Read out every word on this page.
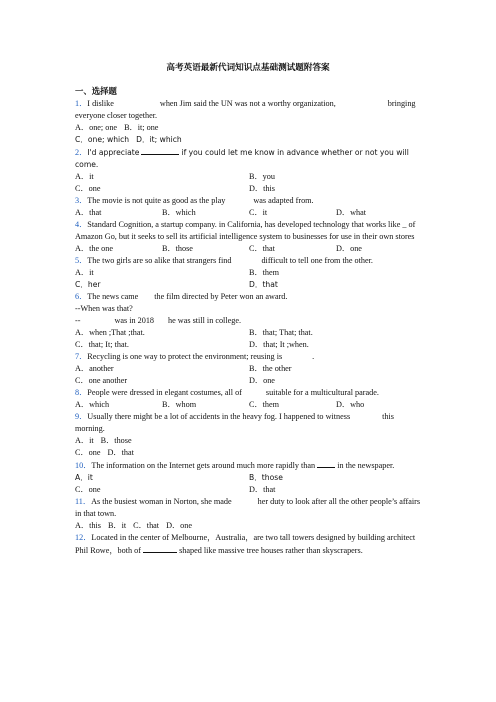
高考英语最新代词知识点基础测试题附答案
一、选择题
1．I dislike	when Jim said the UN was not a worthy organization,	bringing everyone closer together.
A．one; one B．it; one
C．one; which D．it; which
2．I'd appreciate	if you could let me know in advance whether or not you will come.
A．it	B．you
C．one	D．this
3．The movie is not quite as good as the play	was adapted from.
A．that	B．which	C．it	D．what
4．Standard Cognition, a startup company. in California, has developed technology that works like _ of Amazon Go, but it seeks to sell its artificial intelligence system to businesses for use in their own stores
A．the one	B．those	C．that	D．one
5．The two girls are so alike that strangers find	difficult to tell one from the other.
A．it	B．them
C．her	D．that
6．The news came the film directed by Peter won an award.
--When was that?
--	was in 2018 he was still in college.
A．when ;That ;that.	B．that; That; that.
C．that; It; that.	D．that; It ;when.
7．Recycling is one way to protect the environment; reusing is	.
A．another	B．the other
C．one another	D．one
8．People were dressed in elegant costumes, all of	suitable for a multicultural parade.
A．which	B．whom	C．them	D．who
9．Usually there might be a lot of accidents in the heavy fog. I happened to witness	this morning.
A．it B．those
C．one D．that
10．The information on the Internet gets around much more rapidly than	in the newspaper.
A．it	B．those
C．one	D．that
11．As the busiest woman in Norton, she made	her duty to look after all the other people’s affairs in that town.
A．this B．it C．that D．one
12．Located in the center of Melbourne，Australia，are two tall towers designed by building architect Phil Rowe，both of	shaped like massive tree houses rather than skyscrapers.
